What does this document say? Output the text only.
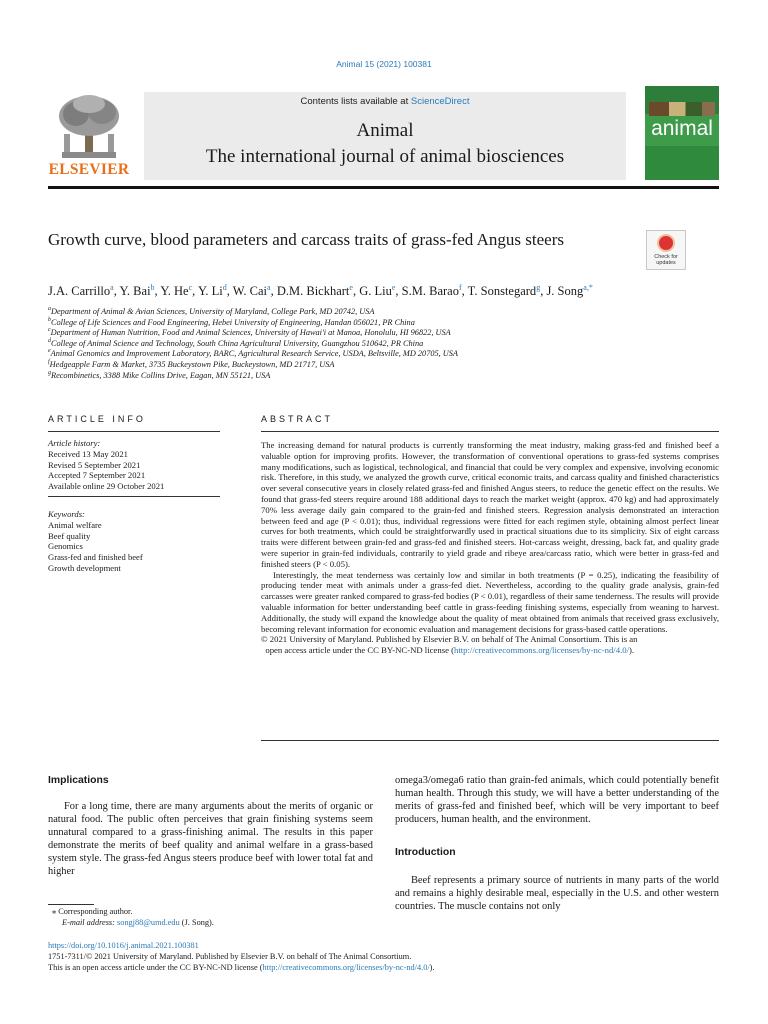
Animal 15 (2021) 100381
ELSEVIER
Contents lists available at ScienceDirect
Animal
The international journal of animal biosciences
animal
Growth curve, blood parameters and carcass traits of grass-fed Angus steers
Check for updates
J.A. Carrillo$^a$, Y. Bai$^b$, Y. He$^c$, Y. Li$^d$, W. Cai$^a$, D.M. Bickhart$^e$, G. Liu$^e$, S.M. Barao$^f$, T. Sonstegard$^g$, J. Song$^{a,*}$
$^a$Department of Animal & Avian Sciences, University of Maryland, College Park, MD 20742, USA
$^b$College of Life Sciences and Food Engineering, Hebei University of Engineering, Handan 056021, PR China
$^c$Department of Human Nutrition, Food and Animal Sciences, University of Hawai'i at Manoa, Honolulu, HI 96822, USA
$^d$College of Animal Science and Technology, South China Agricultural University, Guangzhou 510642, PR China
$^e$Animal Genomics and Improvement Laboratory, BARC, Agricultural Research Service, USDA, Beltsville, MD 20705, USA
$^f$Hedgeapple Farm & Market, 3735 Buckeystown Pike, Buckeystown, MD 21717, USA
$^g$Recombinetics, 3388 Mike Collins Drive, Eagan, MN 55121, USA
ARTICLE INFO	ABSTRACT
Article history:
Received 13 May 2021
Revised 5 September 2021
Accepted 7 September 2021
Available online 29 October 2021
Keywords:
Animal welfare
Beef quality
Genomics
Grass-fed and finished beef
Growth development

The increasing demand for natural products is currently transforming the meat industry, making grass-fed and finished beef a valuable option for improving profits. However, the transformation of conventional operations to grass-fed systems comprises many modifications, such as logistical, technological, and financial that could be very complex and expensive, involving economic risk. Therefore, in this study, we analyzed the growth curve, critical economic traits, and carcass quality and finished characteristics over several consecutive years in closely related grass-fed and finished Angus steers, to reduce the genetic effect on the results. We found that grass-fed steers require around 188 additional days to reach the market weight (approx. 470 kg) and had approximately 70% less average daily gain compared to the grain-fed and finished steers. Regression analysis demonstrated an interaction between feed and age (P < 0.01); thus, individual regressions were fitted for each regimen style, obtaining almost perfect linear curves for both treatments, which could be straightforwardly used in practical situations due to its simplicity. Six of eight carcass traits were different between grain-fed and grass-fed and finished steers. Hot-carcass weight, dressing, back fat, and quality grade were superior in grain-fed individuals, contrarily to yield grade and ribeye area/carcass ratio, which were better in grass-fed and finished steers (P < 0.05).

Interestingly, the meat tenderness was certainly low and similar in both treatments (P = 0.25), indicating the feasibility of producing tender meat with animals under a grass-fed diet. Nevertheless, according to the quality grade analysis, grain-fed carcasses were greater ranked compared to grass-fed bodies (P < 0.01), regardless of their same tenderness. The results will provide valuable information for better understanding beef cattle in grass-feeding finishing systems, especially from weaning to harvest. Additionally, the study will expand the knowledge about the quality of meat obtained from animals that received grass exclusively, becoming relevant information for economic evaluation and management decisions for grass-based cattle operations.

© 2021 University of Maryland. Published by Elsevier B.V. on behalf of The Animal Consortium. This is an
open access article under the CC BY-NC-ND license (http://creativecommons.org/licenses/by-nc-nd/4.0/).

Implications

For a long time, there are many arguments about the merits of organic or natural food. The public often perceives that grain finishing systems seem unnatural compared to a grass-finishing animal. The results in this paper demonstrate the merits of beef quality and animal welfare in a grass-based system style. The grass-fed Angus steers produce beef with lower total fat and higher

omega3/omega6 ratio than grain-fed animals, which could potentially benefit human health. Through this study, we will have a better understanding of the merits of grass-fed and finished beef, which will be very important to beef producers, human health, and the environment.

Introduction

Beef represents a primary source of nutrients in many parts of the world and remains a highly desirable meal, especially in the U.S. and other western countries. The muscle contains not only

⁎ Corresponding author.
E-mail address: songj88@umd.edu (J. Song).
https://doi.org/10.1016/j.animal.2021.100381
1751-7311/© 2021 University of Maryland. Published by Elsevier B.V. on behalf of The Animal Consortium.
This is an open access article under the CC BY-NC-ND license (http://creativecommons.org/licenses/by-nc-nd/4.0/).
